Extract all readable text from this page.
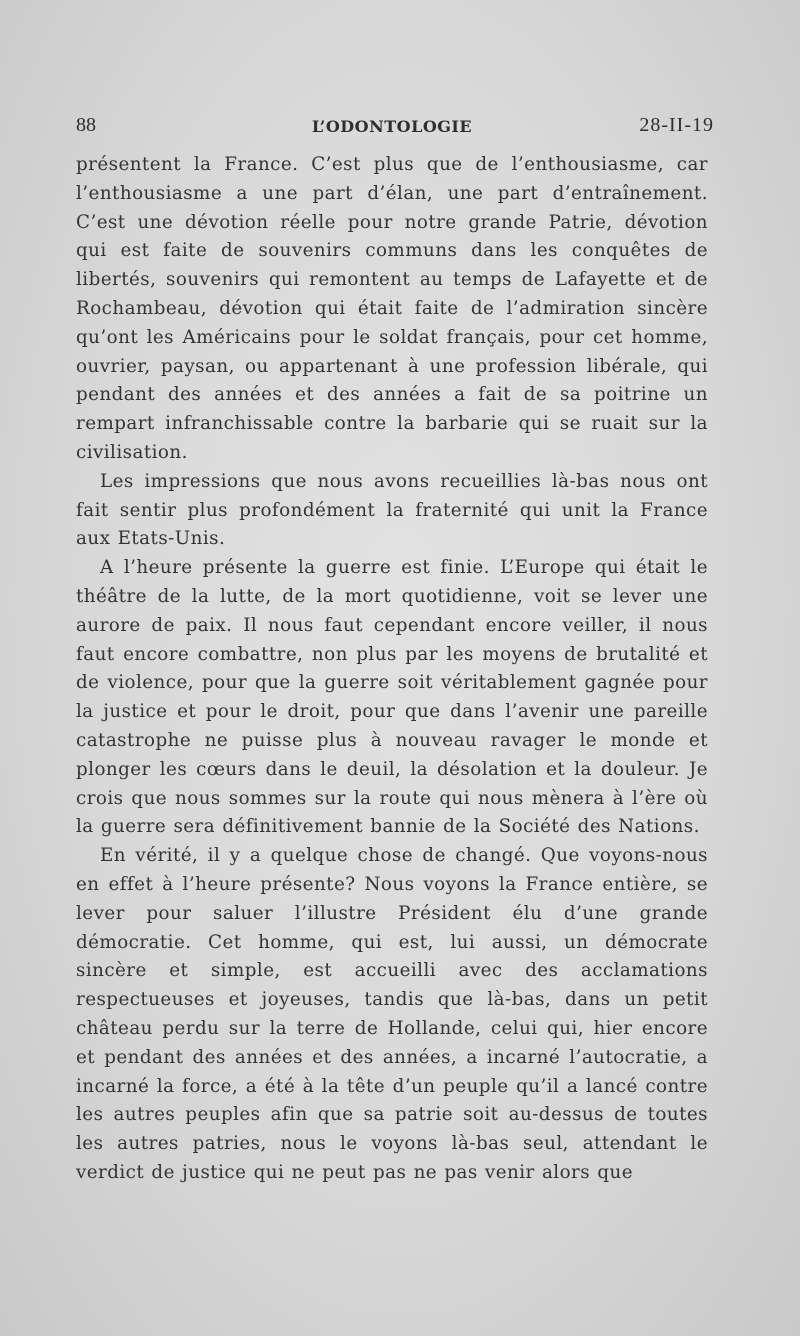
88	L’ODONTOLOGIE	28-II-19

présentent la France. C’est plus que de l’enthousiasme, car l’enthousiasme a une part d’élan, une part d’entraînement. C’est une dévotion réelle pour notre grande Patrie, dévotion qui est faite de souvenirs communs dans les conquêtes de libertés, souvenirs qui remontent au temps de Lafayette et de Rochambeau, dévotion qui était faite de l’admiration sincère qu’ont les Américains pour le soldat français, pour cet homme, ouvrier, paysan, ou appartenant à une profession libérale, qui pendant des années et des années a fait de sa poitrine un rempart infranchissable contre la barbarie qui se ruait sur la civilisation.

Les impressions que nous avons recueillies là-bas nous ont fait sentir plus profondément la fraternité qui unit la France aux Etats-Unis.

A l’heure présente la guerre est finie. L’Europe qui était le théâtre de la lutte, de la mort quotidienne, voit se lever une aurore de paix. Il nous faut cependant encore veiller, il nous faut encore combattre, non plus par les moyens de brutalité et de violence, pour que la guerre soit véritablement gagnée pour la justice et pour le droit, pour que dans l’avenir une pareille catastrophe ne puisse plus à nouveau ravager le monde et plonger les cœurs dans le deuil, la désolation et la douleur. Je crois que nous sommes sur la route qui nous mènera à l’ère où la guerre sera définitivement bannie de la Société des Nations.

En vérité, il y a quelque chose de changé. Que voyons-nous en effet à l’heure présente? Nous voyons la France entière, se lever pour saluer l’illustre Président élu d’une grande démocratie. Cet homme, qui est, lui aussi, un démocrate sincère et simple, est accueilli avec des acclamations respectueuses et joyeuses, tandis que là-bas, dans un petit château perdu sur la terre de Hollande, celui qui, hier encore et pendant des années et des années, a incarné l’autocratie, a incarné la force, a été à la tête d’un peuple qu’il a lancé contre les autres peuples afin que sa patrie soit au-dessus de toutes les autres patries, nous le voyons là-bas seul, attendant le verdict de justice qui ne peut pas ne pas venir alors que
